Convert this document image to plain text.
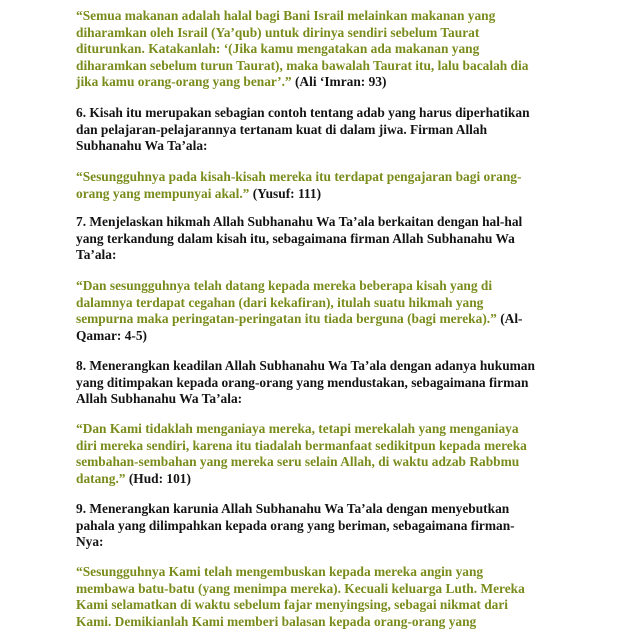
“Semua makanan adalah halal bagi Bani Israil melainkan makanan yang
diharamkan oleh Israil (Ya’qub) untuk dirinya sendiri sebelum Taurat
diturunkan. Katakanlah: ‘(Jika kamu mengatakan ada makanan yang
diharamkan sebelum turun Taurat), maka bawalah Taurat itu, lalu bacalah dia
jika kamu orang-orang yang benar’.” (Ali ‘Imran: 93)
6. Kisah itu merupakan sebagian contoh tentang adab yang harus diperhatikan
dan pelajaran-pelajarannya tertanam kuat di dalam jiwa. Firman Allah
Subhanahu Wa Ta’ala:
“Sesungguhnya pada kisah-kisah mereka itu terdapat pengajaran bagi orang-
orang yang mempunyai akal.” (Yusuf: 111)
7. Menjelaskan hikmah Allah Subhanahu Wa Ta’ala berkaitan dengan hal-hal
yang terkandung dalam kisah itu, sebagaimana firman Allah Subhanahu Wa
Ta’ala:
“Dan sesungguhnya telah datang kepada mereka beberapa kisah yang di
dalamnya terdapat cegahan (dari kekafiran), itulah suatu hikmah yang
sempurna maka peringatan-peringatan itu tiada berguna (bagi mereka).” (Al-
Qamar: 4-5)
8. Menerangkan keadilan Allah Subhanahu Wa Ta’ala dengan adanya hukuman
yang ditimpakan kepada orang-orang yang mendustakan, sebagaimana firman
Allah Subhanahu Wa Ta’ala:
“Dan Kami tidaklah menganiaya mereka, tetapi merekalah yang menganiaya
diri mereka sendiri, karena itu tiadalah bermanfaat sedikitpun kepada mereka
sembahan-sembahan yang mereka seru selain Allah, di waktu adzab Rabbmu
datang.” (Hud: 101)
9. Menerangkan karunia Allah Subhanahu Wa Ta’ala dengan menyebutkan
pahala yang dilimpahkan kepada orang yang beriman, sebagaimana firman-
Nya:
“Sesungguhnya Kami telah mengembuskan kepada mereka angin yang
membawa batu-batu (yang menimpa mereka). Kecuali keluarga Luth. Mereka
Kami selamatkan di waktu sebelum fajar menyingsing, sebagai nikmat dari
Kami. Demikianlah Kami memberi balasan kepada orang-orang yang
